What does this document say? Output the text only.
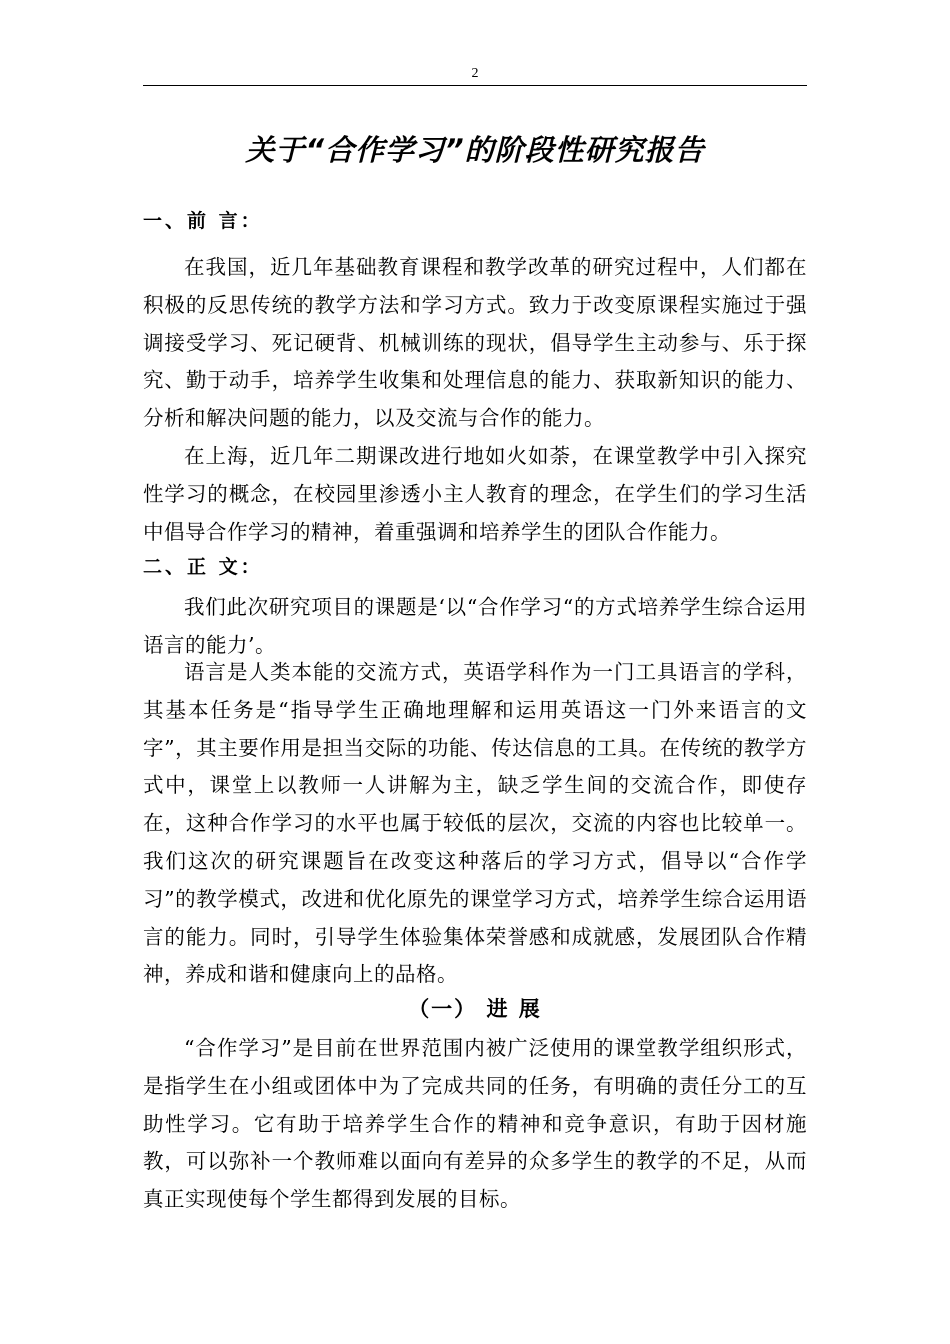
2
关于“合作学习”的阶段性研究报告
一、前 言：

在我国，近几年基础教育课程和教学改革的研究过程中，人们都在积极的反思传统的教学方法和学习方式。致力于改变原课程实施过于强调接受学习、死记硬背、机械训练的现状，倡导学生主动参与、乐于探究、勤于动手，培养学生收集和处理信息的能力、获取新知识的能力、分析和解决问题的能力，以及交流与合作的能力。

在上海，近几年二期课改进行地如火如荼，在课堂教学中引入探究性学习的概念，在校园里渗透小主人教育的理念，在学生们的学习生活中倡导合作学习的精神，着重强调和培养学生的团队合作能力。

二、正 文：

我们此次研究项目的课题是‘以“合作学习“的方式培养学生综合运用语言的能力’。

语言是人类本能的交流方式，英语学科作为一门工具语言的学科，其基本任务是“指导学生正确地理解和运用英语这一门外来语言的文字”，其主要作用是担当交际的功能、传达信息的工具。在传统的教学方式中，课堂上以教师一人讲解为主，缺乏学生间的交流合作，即使存在，这种合作学习的水平也属于较低的层次，交流的内容也比较单一。我们这次的研究课题旨在改变这种落后的学习方式，倡导以“合作学习”的教学模式，改进和优化原先的课堂学习方式，培养学生综合运用语言的能力。同时，引导学生体验集体荣誉感和成就感，发展团队合作精神，养成和谐和健康向上的品格。

（一） 进 展

“合作学习”是目前在世界范围内被广泛使用的课堂教学组织形式，是指学生在小组或团体中为了完成共同的任务，有明确的责任分工的互助性学习。它有助于培养学生合作的精神和竞争意识，有助于因材施教，可以弥补一个教师难以面向有差异的众多学生的教学的不足，从而真正实现使每个学生都得到发展的目标。
